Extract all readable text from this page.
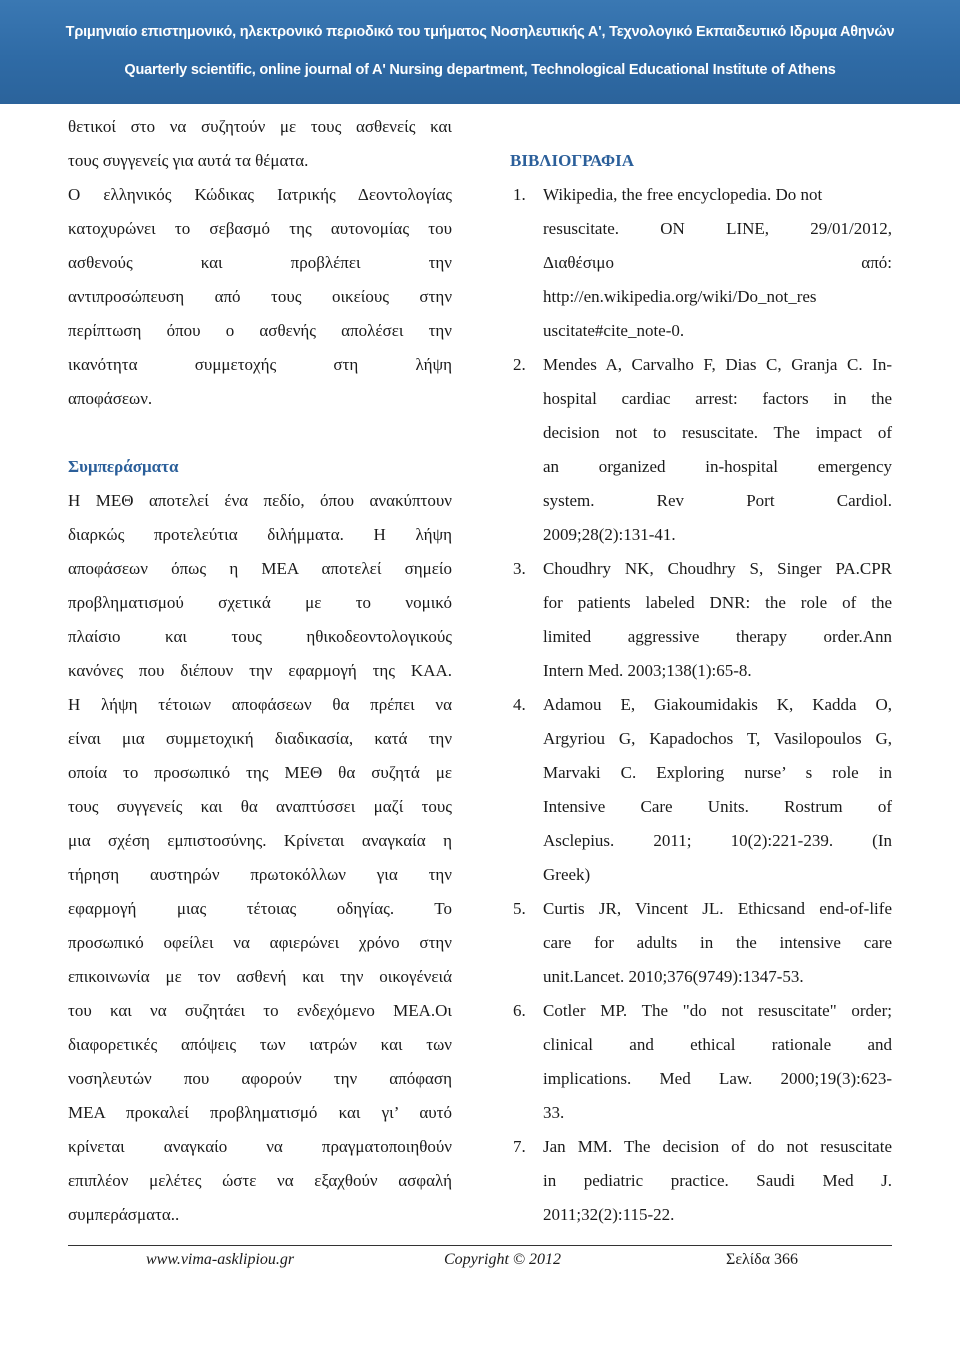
Τριμηνιαίο επιστημονικό, ηλεκτρονικό περιοδικό του τμήματος Νοσηλευτικής Α', Τεχνολογικό Εκπαιδευτικό Ιδρυμα Αθηνών
Quarterly scientific, online journal of A' Nursing department, Technological Educational Institute of Athens
θετικοί στο να συζητούν με τους ασθενείς και
τους συγγενείς για αυτά τα θέματα.
Ο ελληνικός Κώδικας Ιατρικής Δεοντολογίας
κατοχυρώνει το σεβασμό της αυτονομίας του
ασθενούς και προβλέπει την
αντιπροσώπευση από τους οικείους στην
περίπτωση όπου ο ασθενής απολέσει την
ικανότητα συμμετοχής στη λήψη
αποφάσεων.
Συμπεράσματα
Η ΜΕΘ αποτελεί ένα πεδίο, όπου ανακύπτουν
διαρκώς προτελεύτια διλήμματα. Η λήψη
αποφάσεων όπως η ΜΕΑ αποτελεί σημείο
προβληματισμού σχετικά με το νομικό
πλαίσιο και τους ηθικοδεοντολογικούς
κανόνες που διέπουν την εφαρμογή της ΚΑΑ.
Η λήψη τέτοιων αποφάσεων θα πρέπει να
είναι μια συμμετοχική διαδικασία, κατά την
οποία το προσωπικό της ΜΕΘ θα συζητά με
τους συγγενείς και θα αναπτύσσει μαζί τους
μια σχέση εμπιστοσύνης. Κρίνεται αναγκαία η
τήρηση αυστηρών πρωτοκόλλων για την
εφαρμογή μιας τέτοιας οδηγίας. Το
προσωπικό οφείλει να αφιερώνει χρόνο στην
επικοινωνία με τον ασθενή και την οικογένειά
του και να συζητάει το ενδεχόμενο ΜΕΑ.Οι
διαφορετικές απόψεις των ιατρών και των
νοσηλευτών που αφορούν την απόφαση
ΜΕΑ προκαλεί προβληματισμό και γι’ αυτό
κρίνεται αναγκαίο να πραγματοποιηθούν
επιπλέον μελέτες ώστε να εξαχθούν ασφαλή
συμπεράσματα..
ΒΙΒΛΙΟΓΡΑΦΙΑ
1.	Wikipedia, the free encyclopedia. Do not
resuscitate. ON LINE, 29/01/2012,
Διαθέσιμο από:
http://en.wikipedia.org/wiki/Do_not_res
uscitate#cite_note-0.
2.	Mendes A, Carvalho F, Dias C, Granja C. In-
hospital cardiac arrest: factors in the
decision not to resuscitate. The impact of
an organized in-hospital emergency
system. Rev Port Cardiol.
2009;28(2):131-41.
3.	Choudhry NK, Choudhry S, Singer PA.CPR
for patients labeled DNR: the role of the
limited aggressive therapy order.Ann
Intern Med. 2003;138(1):65-8.
4.	Adamou E, Giakoumidakis K, Kadda O,
Argyriou G, Kapadochos T, Vasilopoulos G,
Marvaki C. Exploring nurse’ s role in
Intensive Care Units. Rostrum of
Asclepius. 2011; 10(2):221-239. (In
Greek)
5.	Curtis JR, Vincent JL. Ethicsand end-of-life
care for adults in the intensive care
unit.Lancet. 2010;376(9749):1347-53.
6.	Cotler MP. The "do not resuscitate" order;
clinical and ethical rationale and
implications. Med Law. 2000;19(3):623-
33.
7.	Jan MM. The decision of do not resuscitate
in pediatric practice. Saudi Med J.
2011;32(2):115-22.
www.vima-asklipiou.gr	Copyright © 2012	Σελίδα 366
